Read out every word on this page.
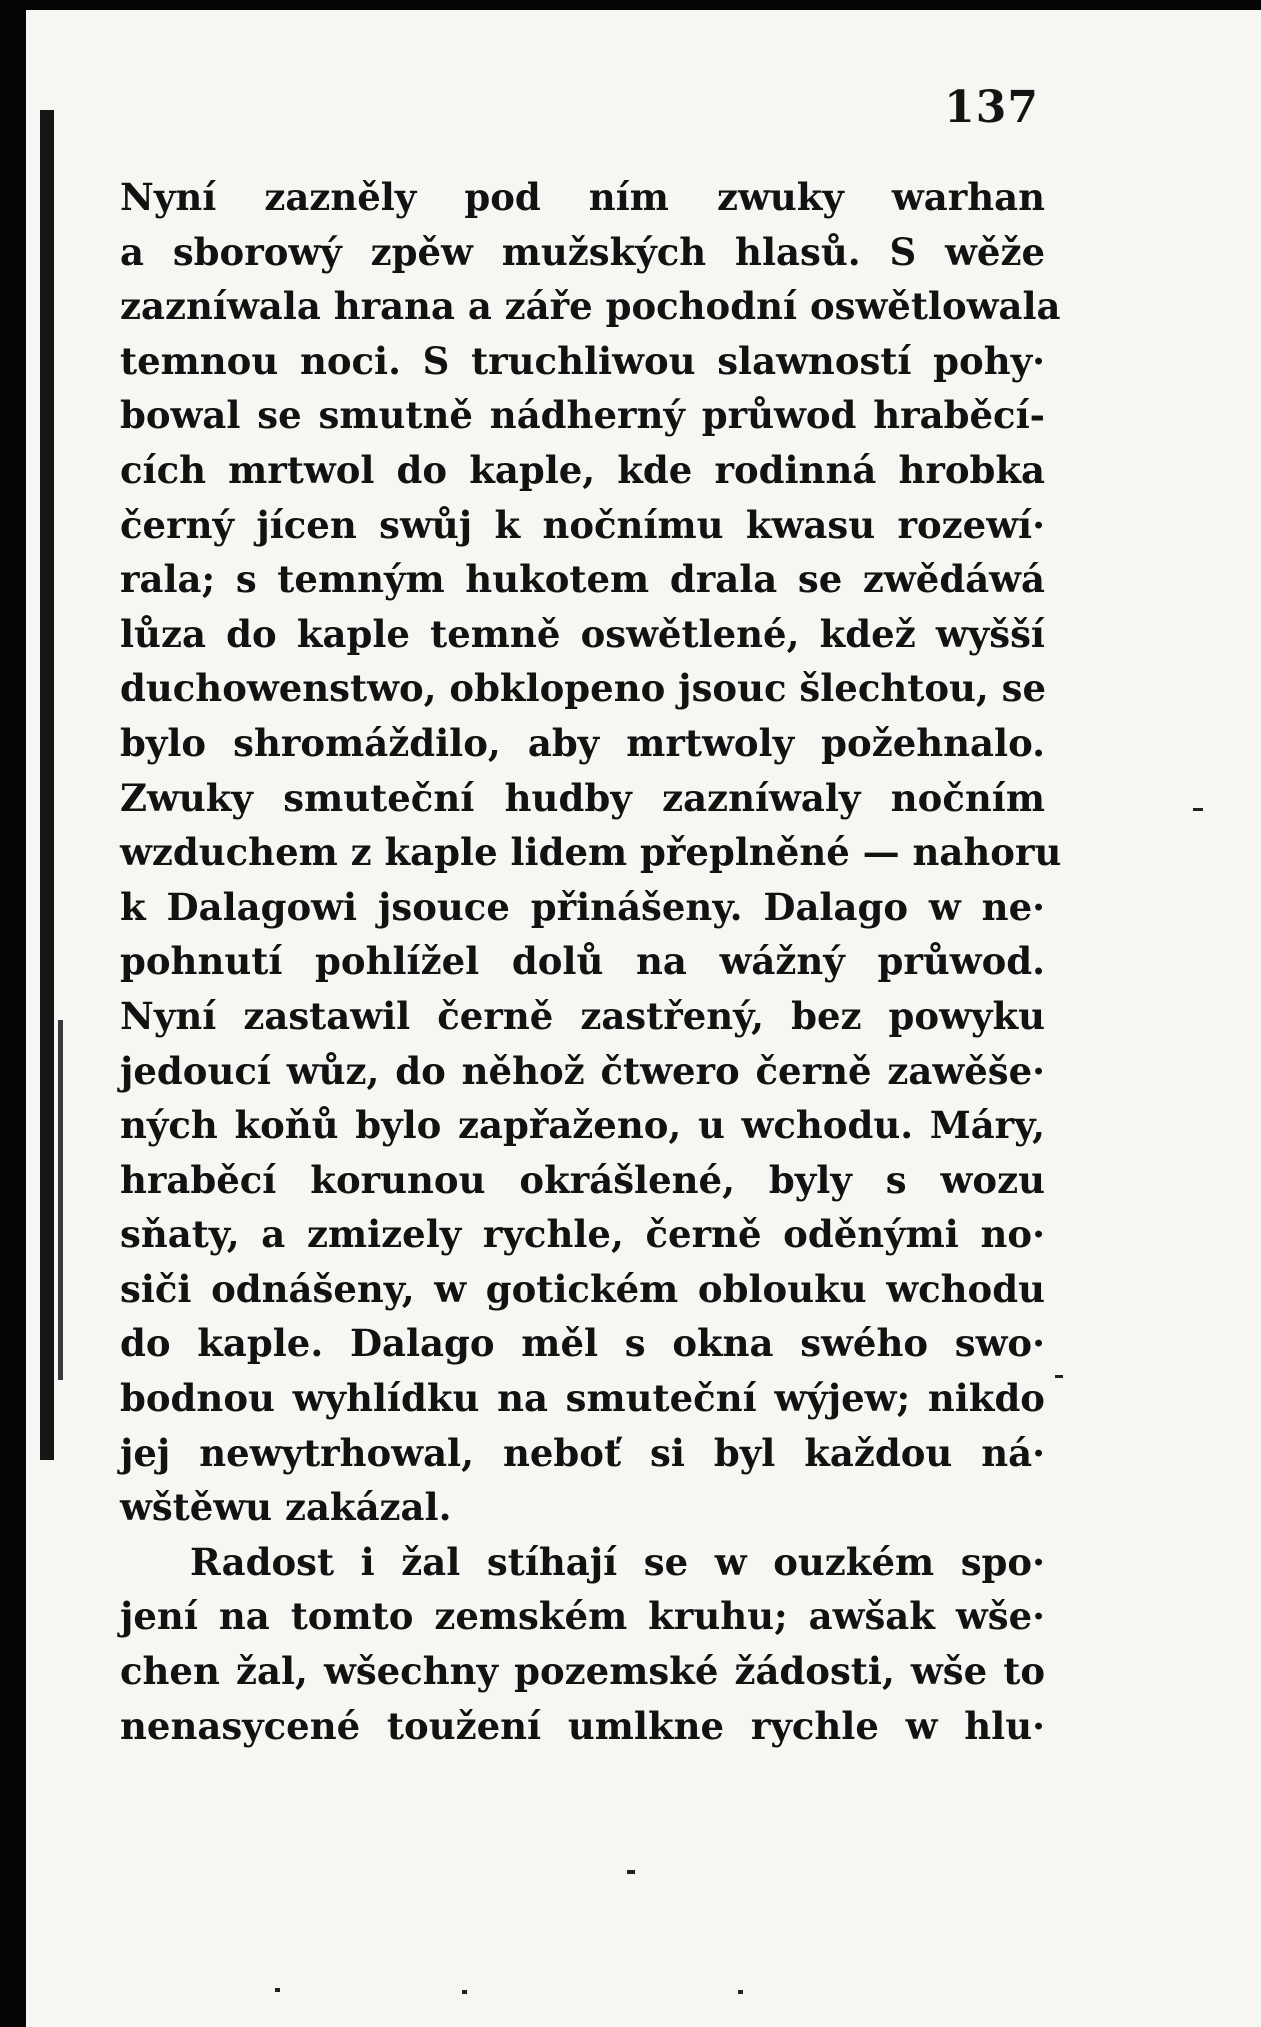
137
Nyní zazněly pod ním zwuky warhan
a sborowý zpěw mužských hlasů. S wěže
zazníwala hrana a záře pochodní oswětlowala
temnou noci. S truchliwou slawností pohy·
bowal se smutně nádherný průwod hraběcí-
cích mrtwol do kaple, kde rodinná hrobka
černý jícen swůj k nočnímu kwasu rozewí·
rala; s temným hukotem drala se zwědáwá
lůza do kaple temně oswětlené, kdež wyšší
duchowenstwo, obklopeno jsouc šlechtou, se
bylo shromáždilo, aby mrtwoly požehnalo.
Zwuky smuteční hudby zazníwaly nočním
wzduchem z kaple lidem přeplněné — nahoru
k Dalagowi jsouce přinášeny. Dalago w ne·
pohnutí pohlížel dolů na wážný průwod.
Nyní zastawil černě zastřený, bez powyku
jedoucí wůz, do něhož čtwero černě zawěše·
ných koňů bylo zapřaženo, u wchodu. Máry,
hraběcí korunou okrášlené, byly s wozu
sňaty, a zmizely rychle, černě oděnými no·
siči odnášeny, w gotickém oblouku wchodu
do kaple. Dalago měl s okna swého swo·
bodnou wyhlídku na smuteční wýjew; nikdo
jej newytrhowal, neboť si byl každou ná·
wštěwu zakázal.
Radost i žal stíhají se w ouzkém spo·
jení na tomto zemském kruhu; awšak wše·
chen žal, wšechny pozemské žádosti, wše to
nenasycené toužení umlkne rychle w hlu·
